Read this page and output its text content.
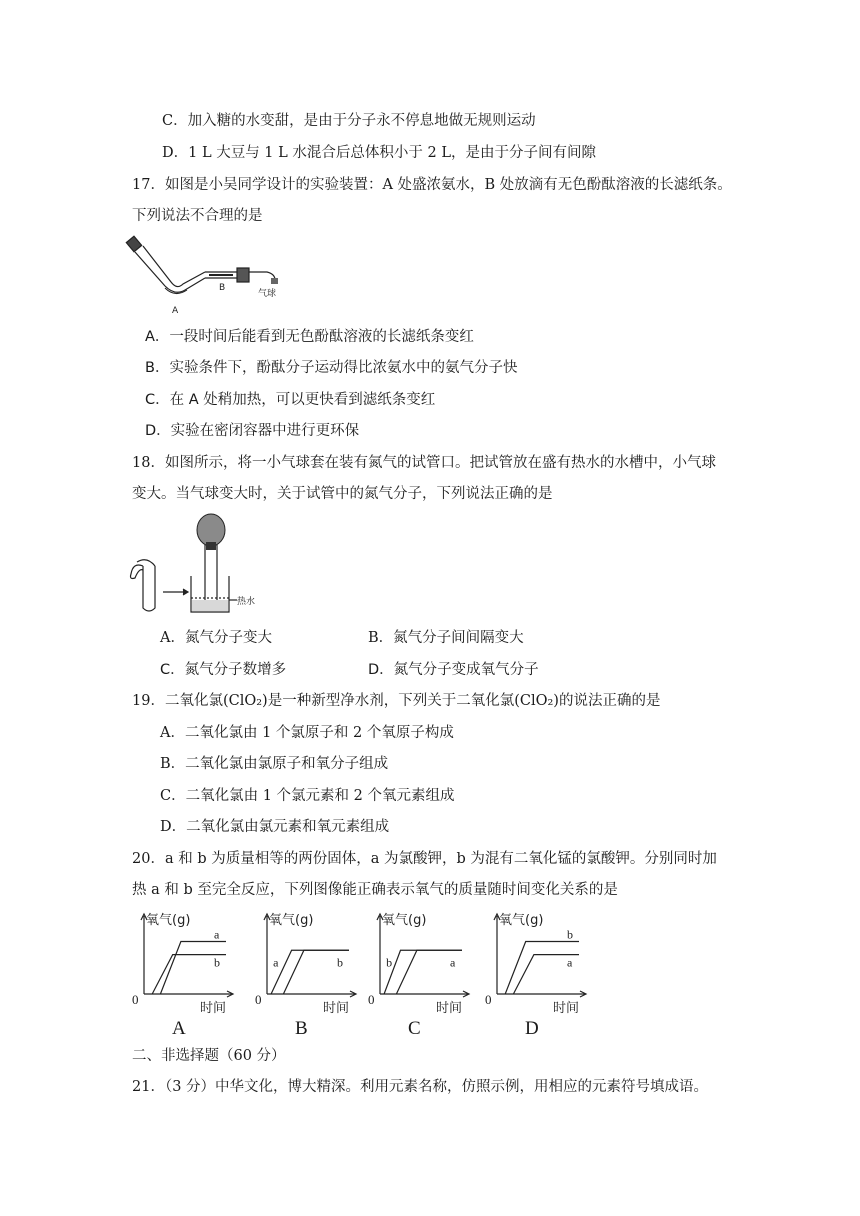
C．加入糖的水变甜，是由于分子永不停息地做无规则运动
D．1 L 大豆与 1 L 水混合后总体积小于 2 L，是由于分子间有间隙
17．如图是小吴同学设计的实验装置：A 处盛浓氨水，B 处放滴有无色酚酞溶液的长滤纸条。
下列说法不合理的是
A
B
气球
A．一段时间后能看到无色酚酞溶液的长滤纸条变红
B．实验条件下，酚酞分子运动得比浓氨水中的氨气分子快
C．在 A 处稍加热，可以更快看到滤纸条变红
D．实验在密闭容器中进行更环保
18．如图所示，将一小气球套在装有氮气的试管口。把试管放在盛有热水的水槽中，小气球
变大。当气球变大时，关于试管中的氮气分子，下列说法正确的是
热水
A．氮气分子变大	B．氮气分子间间隔变大
C．氮气分子数增多	D．氮气分子变成氧气分子
19．二氧化氯(ClO₂)是一种新型净水剂，下列关于二氧化氯(ClO₂)的说法正确的是
A．二氧化氯由 1 个氯原子和 2 个氧原子构成
B．二氧化氯由氯原子和氧分子组成
C．二氧化氯由 1 个氯元素和 2 个氧元素组成
D．二氧化氯由氯元素和氧元素组成
20．a 和 b 为质量相等的两份固体，a 为氯酸钾，b 为混有二氧化锰的氯酸钾。分别同时加
热 a 和 b 至完全反应，下列图像能正确表示氧气的质量随时间变化关系的是
氧气(g)
时间
0
a
b
A
氧气(g)
时间
0
a	b
B
氧气(g)
时间
0
b	a
C
氧气(g)
时间
0
b
a
D
二、非选择题（60 分）
21．（3 分）中华文化，博大精深。利用元素名称，仿照示例，用相应的元素符号填成语。
